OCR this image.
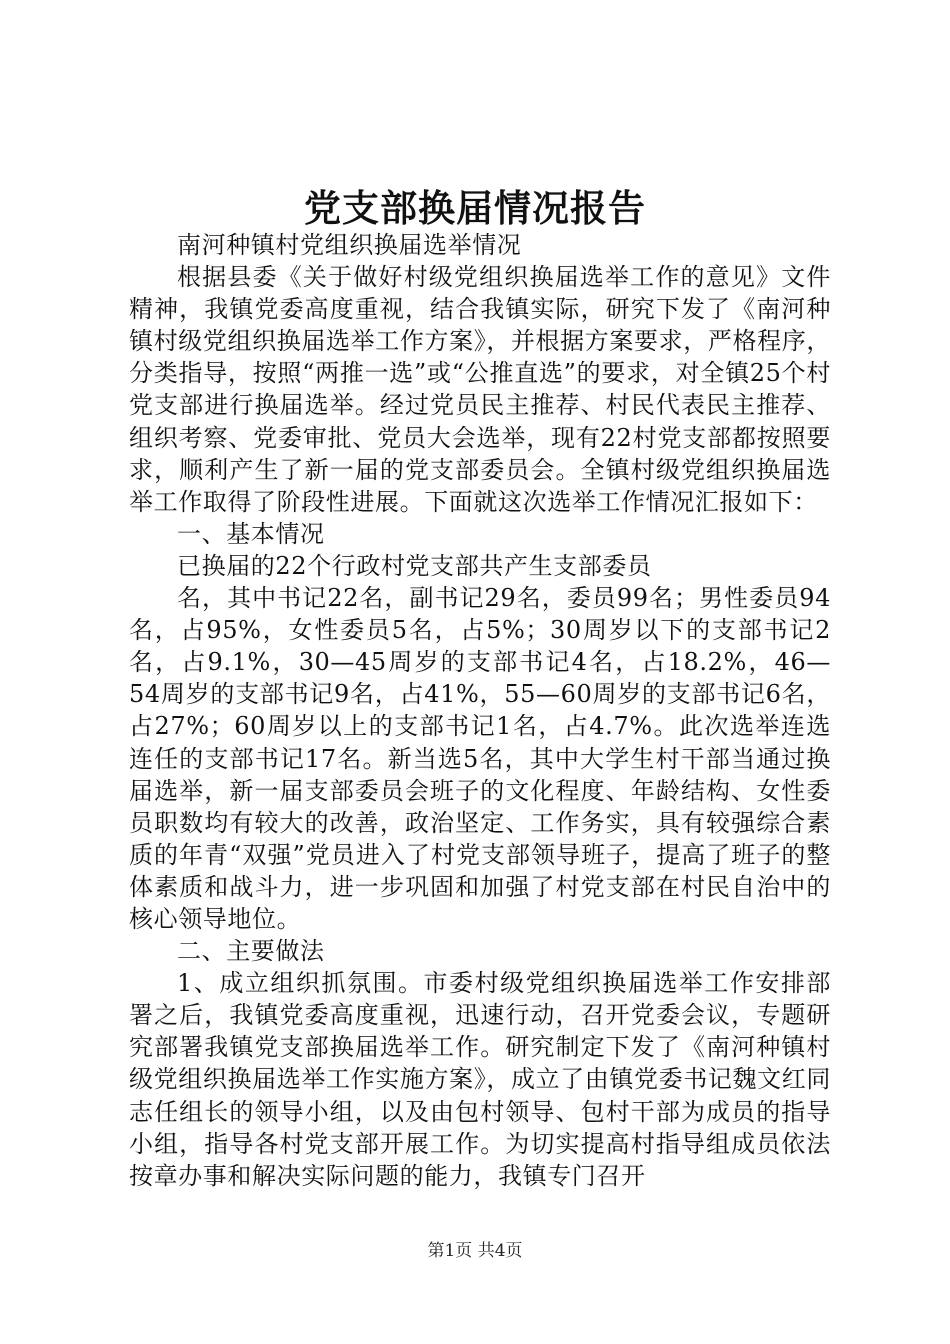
党支部换届情况报告

南河种镇村党组织换届选举情况

根据县委《关于做好村级党组织换届选举工作的意见》文件精神，我镇党委高度重视，结合我镇实际，研究下发了《南河种镇村级党组织换届选举工作方案》，并根据方案要求，严格程序，分类指导，按照“两推一选”或“公推直选”的要求，对全镇25个村党支部进行换届选举。经过党员民主推荐、村民代表民主推荐、组织考察、党委审批、党员大会选举，现有22村党支部都按照要求，顺利产生了新一届的党支部委员会。全镇村级党组织换届选举工作取得了阶段性进展。下面就这次选举工作情况汇报如下：

一、基本情况

已换届的22个行政村党支部共产生支部委员

名，其中书记22名，副书记29名，委员99名；男性委员94名，占95%，女性委员5名，占5%；30周岁以下的支部书记2名，占9.1%，30—45周岁的支部书记4名，占18.2%，46—54周岁的支部书记9名，占41%，55—60周岁的支部书记6名，占27%；60周岁以上的支部书记1名，占4.7%。此次选举连选连任的支部书记17名。新当选5名，其中大学生村干部当通过换届选举，新一届支部委员会班子的文化程度、年龄结构、女性委员职数均有较大的改善，政治坚定、工作务实，具有较强综合素质的年青“双强”党员进入了村党支部领导班子，提高了班子的整体素质和战斗力，进一步巩固和加强了村党支部在村民自治中的核心领导地位。

二、主要做法

1、成立组织抓氛围。市委村级党组织换届选举工作安排部署之后，我镇党委高度重视，迅速行动，召开党委会议，专题研究部署我镇党支部换届选举工作。研究制定下发了《南河种镇村级党组织换届选举工作实施方案》，成立了由镇党委书记魏文红同志任组长的领导小组，以及由包村领导、包村干部为成员的指导小组，指导各村党支部开展工作。为切实提高村指导组成员依法按章办事和解决实际问题的能力，我镇专门召开

第1页 共4页
